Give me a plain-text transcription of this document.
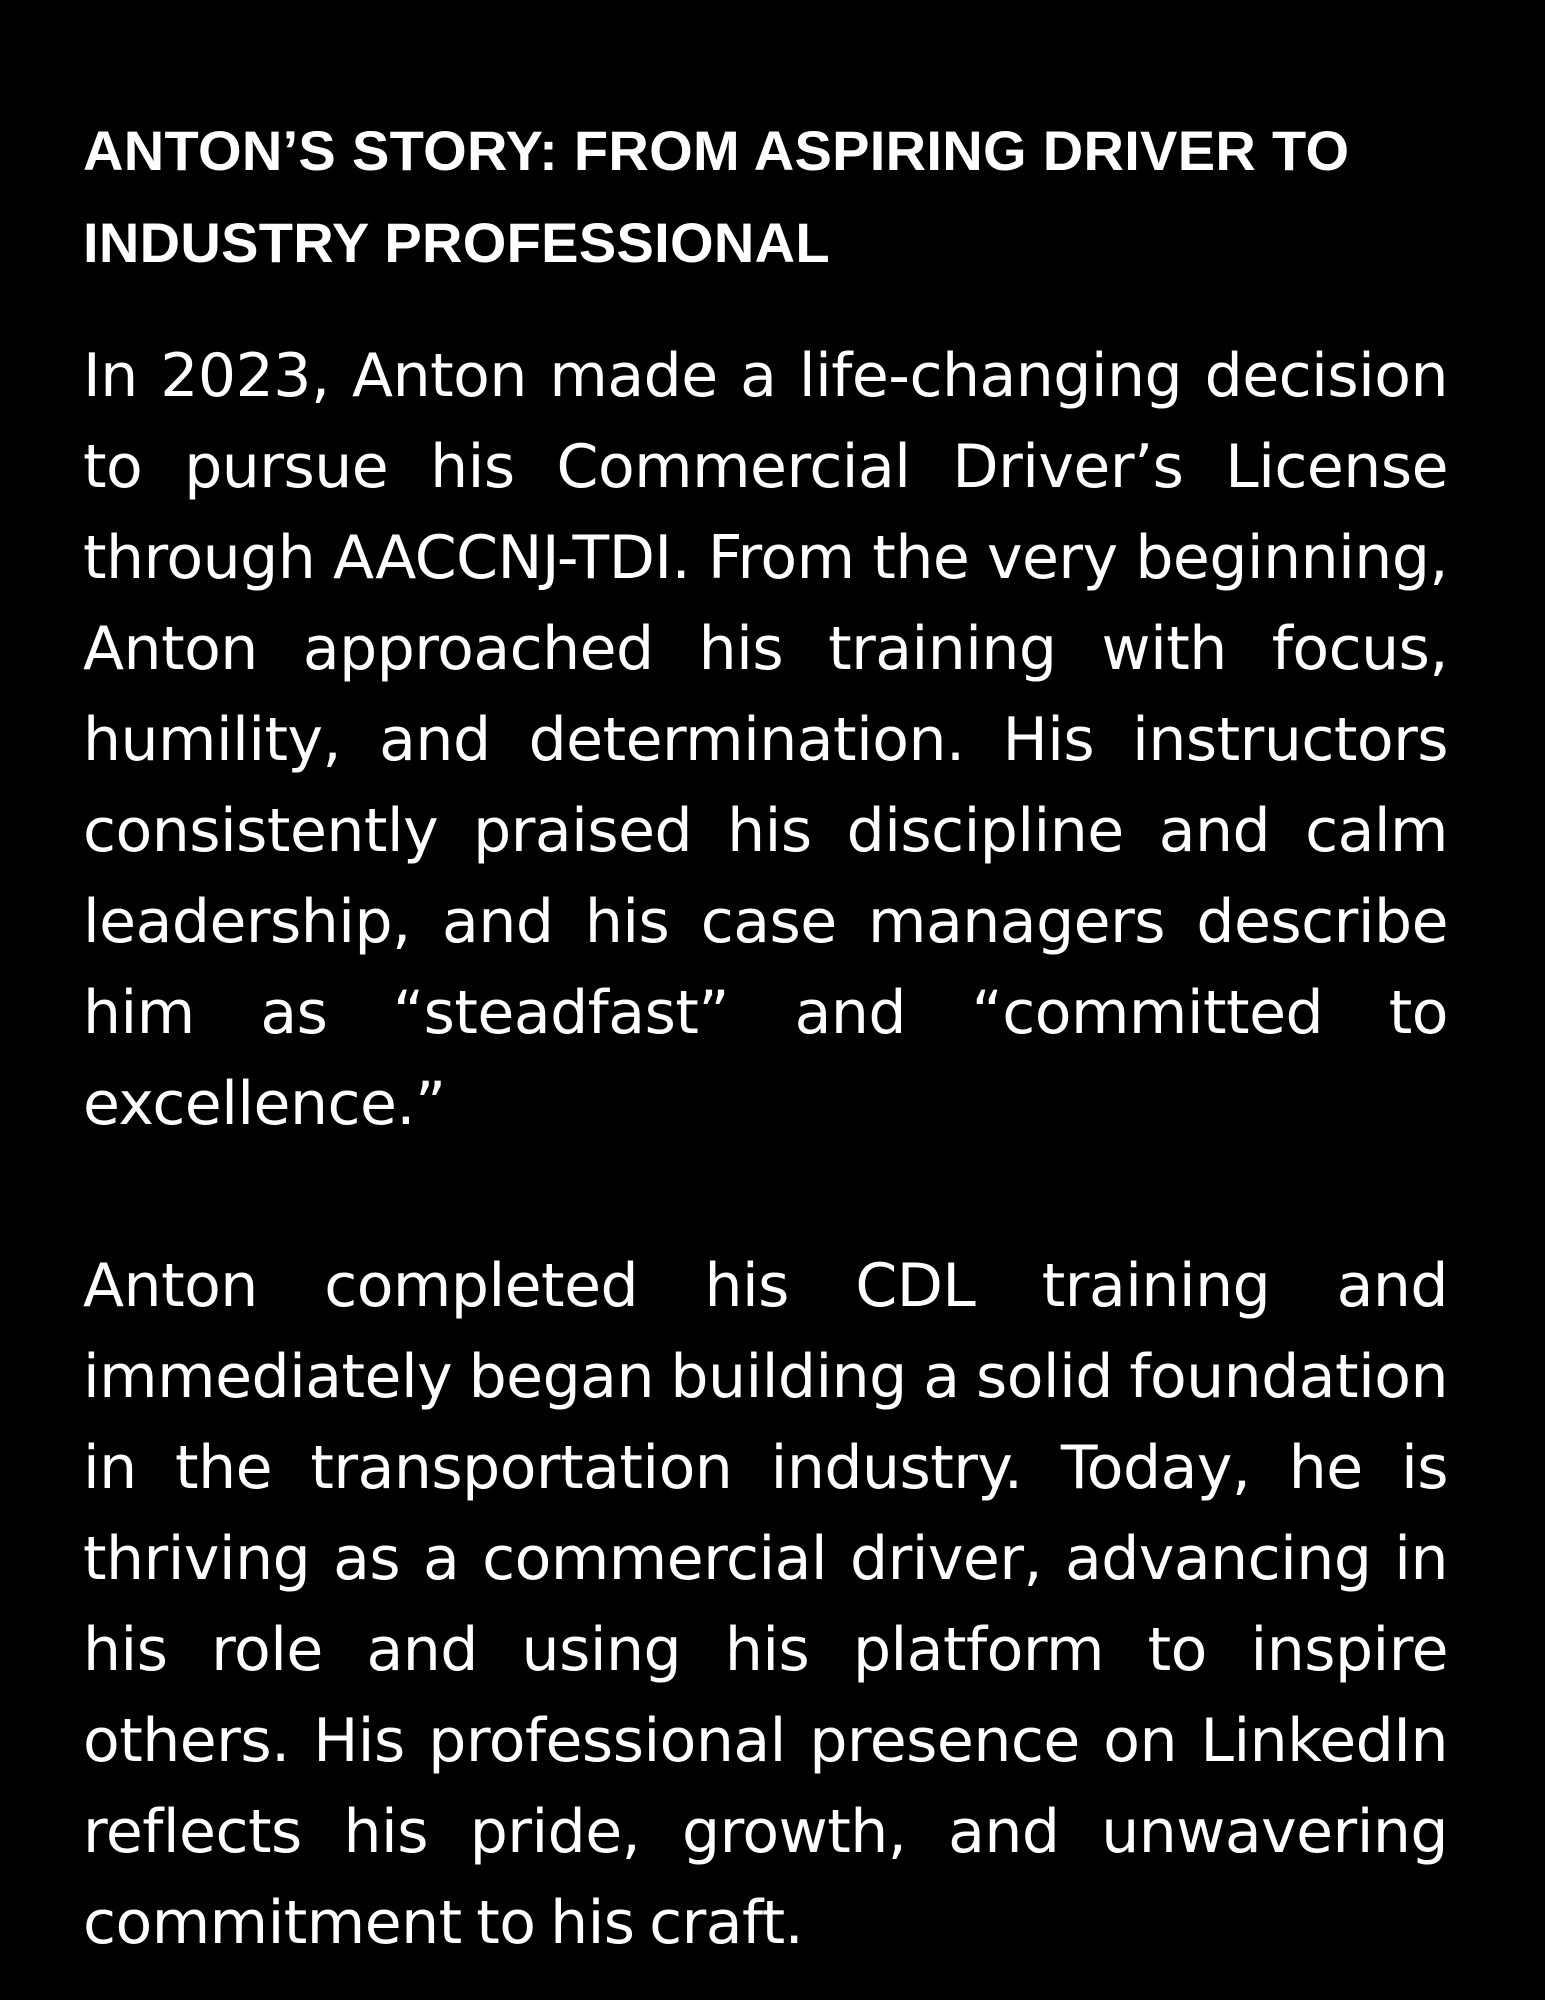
ANTON’S STORY: FROM ASPIRING DRIVER TO INDUSTRY PROFESSIONAL

In 2023, Anton made a life-changing decision to pursue his Commercial Driver’s License through AACCNJ-TDI. From the very beginning, Anton approached his training with focus, humility, and determination. His instructors consistently praised his discipline and calm leadership, and his case managers describe him as “steadfast” and “committed to excellence.”

Anton completed his CDL training and immediately began building a solid foundation in the transportation industry. Today, he is thriving as a commercial driver, advancing in his role and using his platform to inspire others. His professional presence on LinkedIn reflects his pride, growth, and unwavering commitment to his craft.
